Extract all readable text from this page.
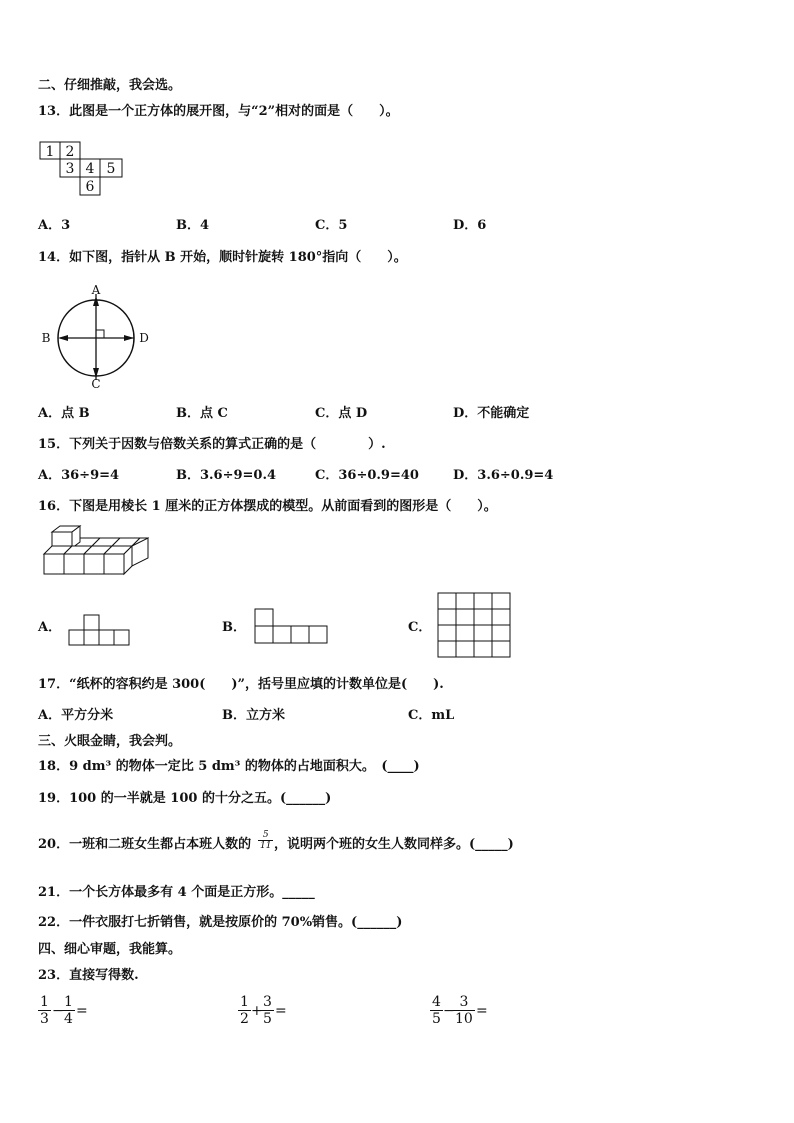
二、仔细推敲，我会选。
13．此图是一个正方体的展开图，与“2”相对的面是（　　）。
1 2
3 4 5
6
A．3	B．4	C．5	D．6
14．如下图，指针从 B 开始，顺时针旋转 180°指向（　　）。
A
B
C
D
A．点 B	B．点 C	C．点 D	D．不能确定
15．下列关于因数与倍数关系的算式正确的是（　　　　）.
A．36÷9=4	B．3.6÷9=0.4	C．36÷0.9=40	D．3.6÷0.9=4
16．下图是用棱长 1 厘米的正方体摆成的模型。从前面看到的图形是（　　）。
A．	B．	C．
17．“纸杯的容积约是 300(　　)”，括号里应填的计数单位是(　　).
A．平方分米	B．立方米	C．mL
三、火眼金睛，我会判。
18．9 dm³ 的物体一定比 5 dm³ 的物体的占地面积大。　(____)
19．100 的一半就是 100 的十分之五。(______)
20．一班和二班女生都占本班人数的 $\frac{5}{11}$ ，说明两个班的女生人数同样多。(_____)
21．一个长方体最多有 4 个面是正方形。_____
22．一件衣服打七折销售，就是按原价的 70%销售。(______)
四、细心审题，我能算。
23．直接写得数.
$\frac{1}{3}$ −
$\frac{1}{4}$ =	$\frac{1}{2}$ +
$\frac{3}{5}$ =	$\frac{4}{5}$ −
$\frac{3}{10}$ =
